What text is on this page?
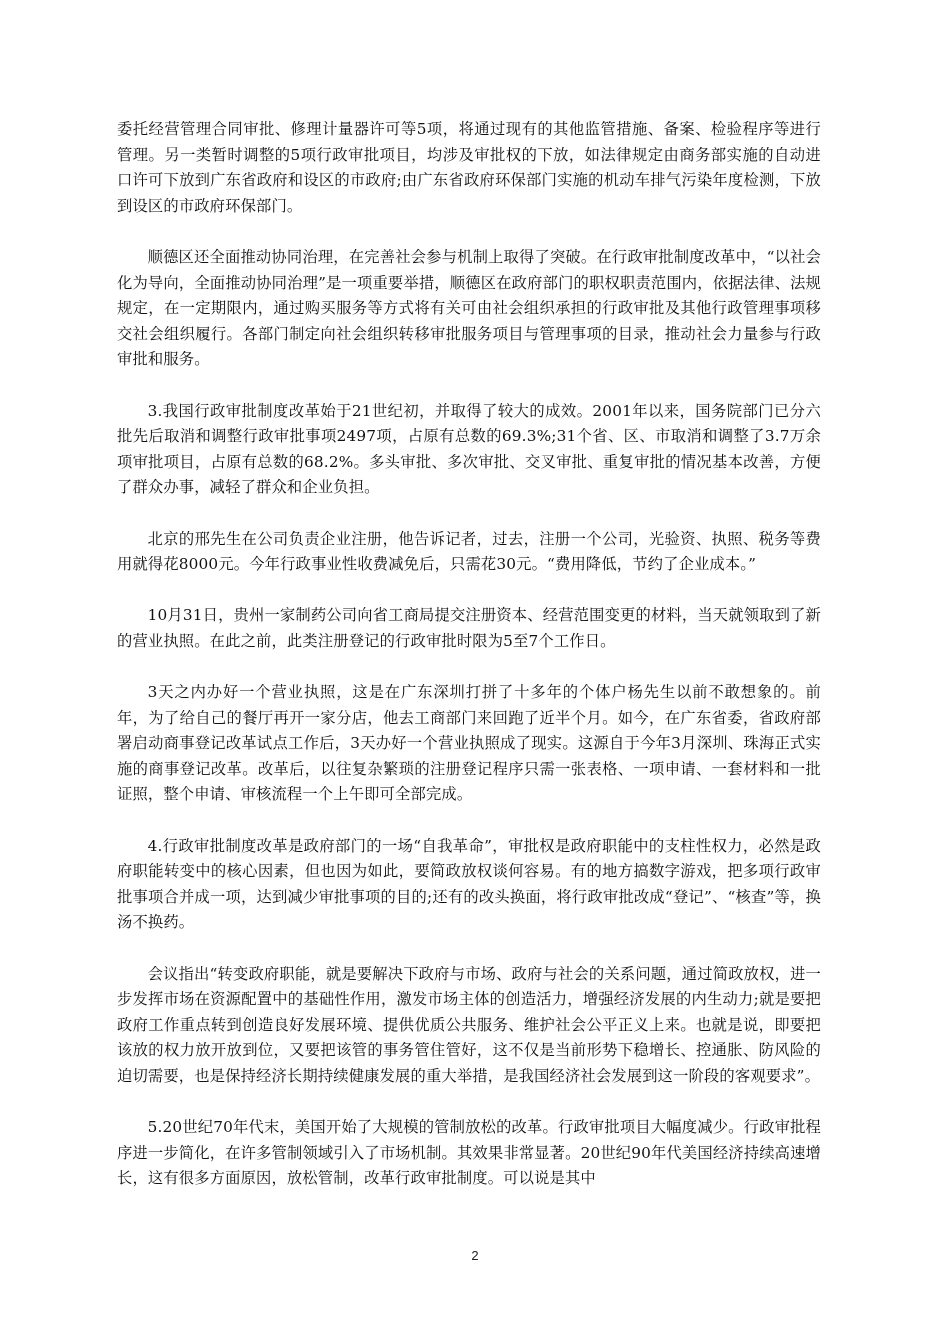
委托经营管理合同审批、修理计量器许可等5项，将通过现有的其他监管措施、备案、检验程序等进行管理。另一类暂时调整的5项行政审批项目，均涉及审批权的下放，如法律规定由商务部实施的自动进口许可下放到广东省政府和设区的市政府;由广东省政府环保部门实施的机动车排气污染年度检测，下放到设区的市政府环保部门。

顺德区还全面推动协同治理，在完善社会参与机制上取得了突破。在行政审批制度改革中，“以社会化为导向，全面推动协同治理”是一项重要举措，顺德区在政府部门的职权职责范围内，依据法律、法规规定，在一定期限内，通过购买服务等方式将有关可由社会组织承担的行政审批及其他行政管理事项移交社会组织履行。各部门制定向社会组织转移审批服务项目与管理事项的目录，推动社会力量参与行政审批和服务。

3.我国行政审批制度改革始于21世纪初，并取得了较大的成效。2001年以来，国务院部门已分六批先后取消和调整行政审批事项2497项，占原有总数的69.3%;31个省、区、市取消和调整了3.7万余项审批项目，占原有总数的68.2%。多头审批、多次审批、交叉审批、重复审批的情况基本改善，方便了群众办事，减轻了群众和企业负担。

北京的邢先生在公司负责企业注册，他告诉记者，过去，注册一个公司，光验资、执照、税务等费用就得花8000元。今年行政事业性收费减免后，只需花30元。“费用降低，节约了企业成本。”

10月31日，贵州一家制药公司向省工商局提交注册资本、经营范围变更的材料，当天就领取到了新的营业执照。在此之前，此类注册登记的行政审批时限为5至7个工作日。

3天之内办好一个营业执照，这是在广东深圳打拼了十多年的个体户杨先生以前不敢想象的。前年，为了给自己的餐厅再开一家分店，他去工商部门来回跑了近半个月。如今，在广东省委，省政府部署启动商事登记改革试点工作后，3天办好一个营业执照成了现实。这源自于今年3月深圳、珠海正式实施的商事登记改革。改革后，以往复杂繁琐的注册登记程序只需一张表格、一项申请、一套材料和一批证照，整个申请、审核流程一个上午即可全部完成。

4.行政审批制度改革是政府部门的一场“自我革命”，审批权是政府职能中的支柱性权力，必然是政府职能转变中的核心因素，但也因为如此，要简政放权谈何容易。有的地方搞数字游戏，把多项行政审批事项合并成一项，达到减少审批事项的目的;还有的改头换面，将行政审批改成“登记”、“核查”等，换汤不换药。

会议指出“转变政府职能，就是要解决下政府与市场、政府与社会的关系问题，通过简政放权，进一步发挥市场在资源配置中的基础性作用，激发市场主体的创造活力，增强经济发展的内生动力;就是要把政府工作重点转到创造良好发展环境、提供优质公共服务、维护社会公平正义上来。也就是说，即要把该放的权力放开放到位，又要把该管的事务管住管好，这不仅是当前形势下稳增长、控通胀、防风险的迫切需要，也是保持经济长期持续健康发展的重大举措，是我国经济社会发展到这一阶段的客观要求”。

5.20世纪70年代末，美国开始了大规模的管制放松的改革。行政审批项目大幅度减少。行政审批程序进一步简化，在许多管制领域引入了市场机制。其效果非常显著。20世纪90年代美国经济持续高速增长，这有很多方面原因，放松管制，改革行政审批制度。可以说是其中

2
